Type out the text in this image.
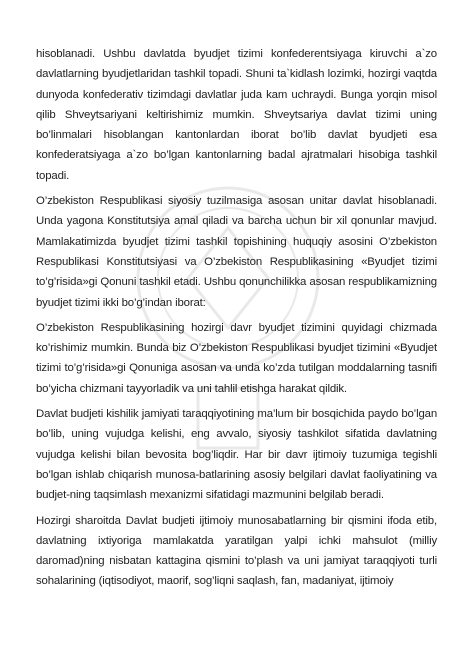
hisoblanadi. Ushbu davlatda byudjet tizimi konfederentsiyaga kiruvchi a`zo davlatlarning byudjetlaridan tashkil topadi. Shuni ta`kidlash lozimki, hozirgi vaqtda dunyoda konfederativ tizimdagi davlatlar juda kam uchraydi. Bunga yorqin misol qilib Shveytsariyani keltirishimiz mumkin. Shveytsariya davlat tizimi uning bo’linmalari hisoblangan kantonlardan iborat bo’lib davlat byudjeti esa konfederatsiyaga a`zo bo’lgan kantonlarning badal ajratmalari hisobiga tashkil topadi.

O’zbekiston Respublikasi siyosiy tuzilmasiga asosan unitar davlat hisoblanadi. Unda yagona Konstitutsiya amal qiladi va barcha uchun bir xil qonunlar mavjud. Mamlakatimizda byudjet tizimi tashkil topishining huquqiy asosini O’zbekiston Respublikasi Konstitutsiyasi va O’zbekiston Respublikasining «Byudjet tizimi to’g’risida»gi Qonuni tashkil etadi. Ushbu qonunchilikka asosan respublikamizning byudjet tizimi ikki bo’g’indan iborat:

O’zbekiston Respublikasining hozirgi davr byudjet tizimini quyidagi chizmada ko’rishimiz mumkin. Bunda biz O’zbekiston Respublikasi byudjet tizimini «Byudjet tizimi to’g’risida»gi Qonuniga asosan va unda ko’zda tutilgan moddalarning tasnifi bo’yicha chizmani tayyorladik va uni tahlil etishga harakat qildik.

Davlat budjeti kishilik jamiyati taraqqiyotining ma’lum bir bosqichida paydo bo’lgan bo’lib, uning vujudga kelishi, eng avvalo, siyosiy tashkilot sifatida davlatning vujudga kelishi bilan bevosita bog’liqdir. Har bir davr ijtimoiy tuzumiga tegishli bo’lgan ishlab chiqarish munosa-batlarining asosiy belgilari davlat faoliyatining va budjet-ning taqsimlash mexanizmi sifatidagi mazmunini belgilab beradi.

Hozirgi sharoitda Davlat budjeti ijtimoiy munosabatlarning bir qismini ifoda etib, davlatning ixtiyoriga mamlakatda yaratilgan yalpi ichki mahsulot (milliy daromad)ning nisbatan kattagina qismini to’plash va uni jamiyat taraqqiyoti turli sohalarining (iqtisodiyot, maorif, sog’liqni saqlash, fan, madaniyat, ijtimoiy
